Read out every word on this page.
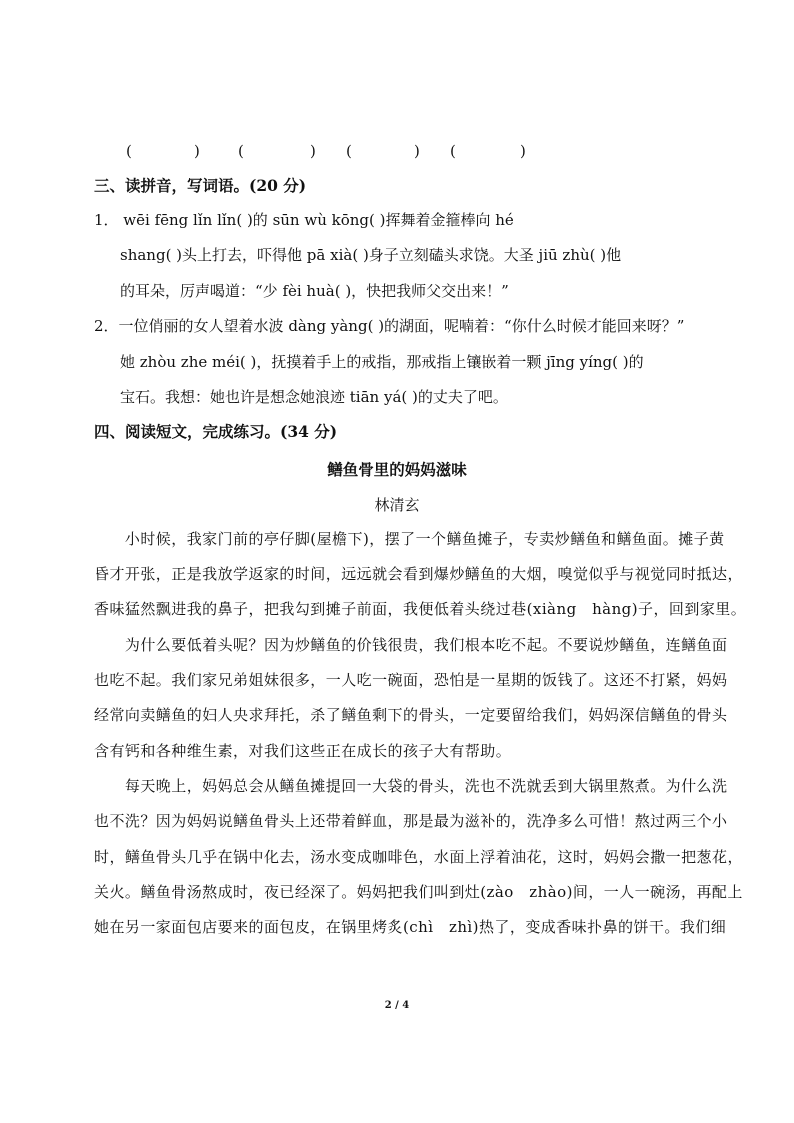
(	)	(	) (	) (	)
三、读拼音，写词语。(20 分)
1． wēi fēng lǐn lǐn( )的 sūn wù kōng( )挥舞着金箍棒向 hé
shang( )头上打去，吓得他 pā xià( )身子立刻磕头求饶。大圣 jiū zhù( )他
的耳朵，厉声喝道：“少 fèi huà( )，快把我师父交出来！”
2．一位俏丽的女人望着水波 dàng yàng( )的湖面，呢喃着：“你什么时候才能回来呀？”
她 zhòu zhe méi( )，抚摸着手上的戒指，那戒指上镶嵌着一颗 jīng yíng( )的
宝石。我想：她也许是想念她浪迹 tiān yá( )的丈夫了吧。
四、阅读短文，完成练习。(34 分)
鳝鱼骨里的妈妈滋味
林清玄
　　小时候，我家门前的亭仔脚(屋檐下)，摆了一个鳝鱼摊子，专卖炒鳝鱼和鳝鱼面。摊子黄
昏才开张，正是我放学返家的时间，远远就会看到爆炒鳝鱼的大烟，嗅觉似乎与视觉同时抵达，
香味猛然飘进我的鼻子，把我勾到摊子前面，我便低着头绕过巷(xiàng　hàng)子，回到家里。
　　为什么要低着头呢？因为炒鳝鱼的价钱很贵，我们根本吃不起。不要说炒鳝鱼，连鳝鱼面
也吃不起。我们家兄弟姐妹很多，一人吃一碗面，恐怕是一星期的饭钱了。这还不打紧，妈妈
经常向卖鳝鱼的妇人央求拜托，杀了鳝鱼剩下的骨头，一定要留给我们，妈妈深信鳝鱼的骨头
含有钙和各种维生素，对我们这些正在成长的孩子大有帮助。
　　每天晚上，妈妈总会从鳝鱼摊提回一大袋的骨头，洗也不洗就丢到大锅里熬煮。为什么洗
也不洗？因为妈妈说鳝鱼骨头上还带着鲜血，那是最为滋补的，洗净多么可惜！熬过两三个小
时，鳝鱼骨头几乎在锅中化去，汤水变成咖啡色，水面上浮着油花，这时，妈妈会撒一把葱花，
关火。鳝鱼骨汤熬成时，夜已经深了。妈妈把我们叫到灶(zào　zhào)间，一人一碗汤，再配上
她在另一家面包店要来的面包皮，在锅里烤炙(chì　zhì)热了，变成香味扑鼻的饼干。我们细
2 / 4
